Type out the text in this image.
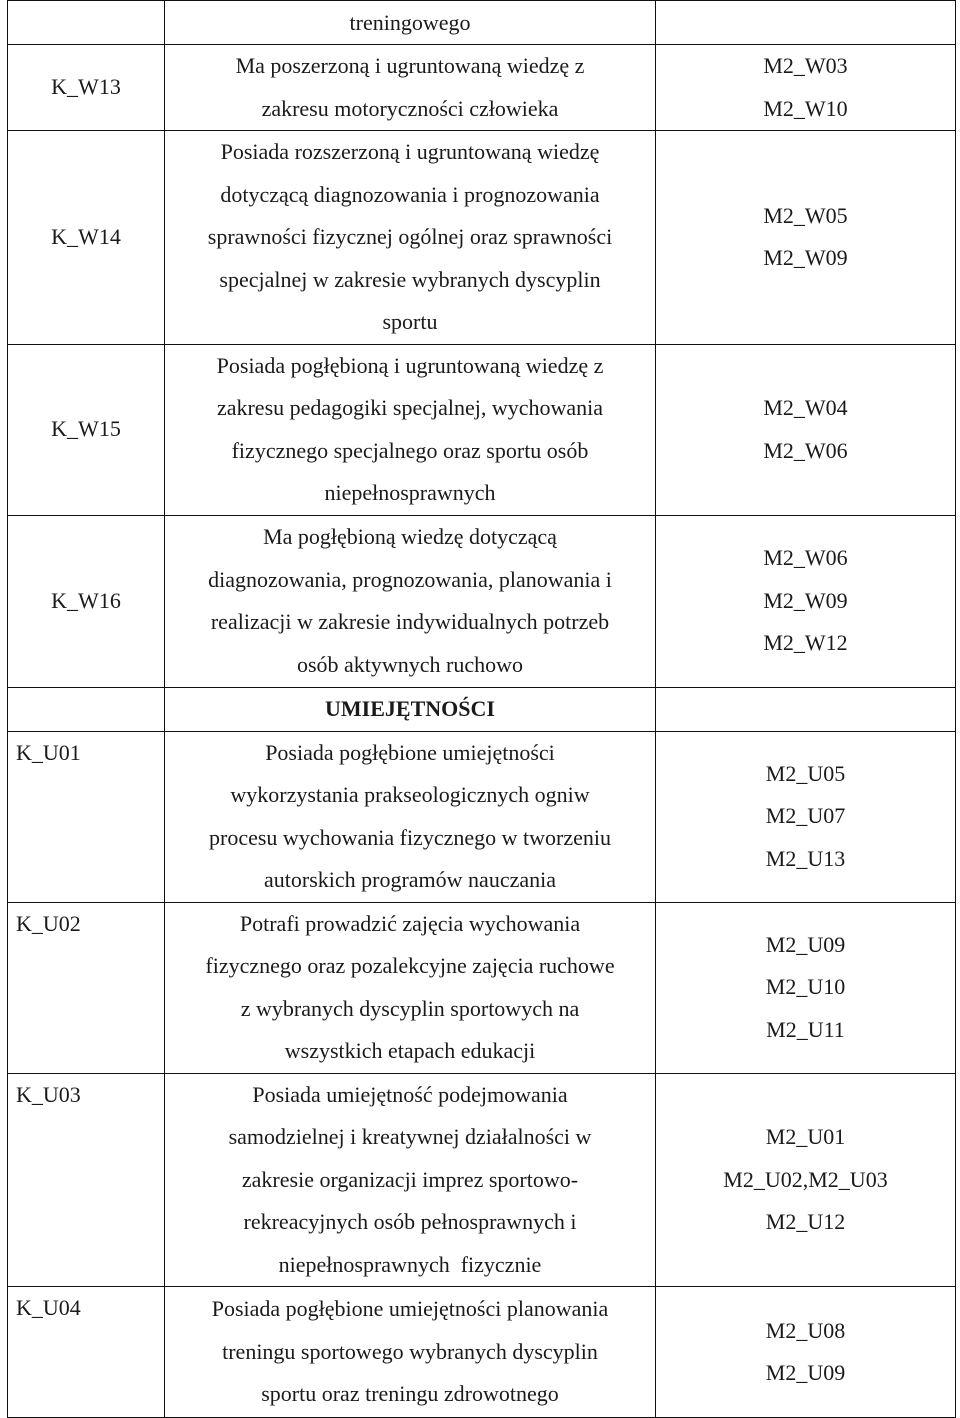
	treningowego	

K_W13	Ma poszerzoną i ugruntowaną wiedzę z
zakresu motoryczności człowieka	M2_W03
M2_W10

K_W14	Posiada rozszerzoną i ugruntowaną wiedzę
dotyczącą diagnozowania i prognozowania
sprawności fizycznej ogólnej oraz sprawności
specjalnej w zakresie wybranych dyscyplin
sportu	M2_W05
M2_W09

K_W15	Posiada pogłębioną i ugruntowaną wiedzę z
zakresu pedagogiki specjalnej, wychowania
fizycznego specjalnego oraz sportu osób
niepełnosprawnych	M2_W04
M2_W06

K_W16	Ma pogłębioną wiedzę dotyczącą
diagnozowania, prognozowania, planowania i
realizacji w zakresie indywidualnych potrzeb
osób aktywnych ruchowo	M2_W06
M2_W09
M2_W12

	UMIEJĘTNOŚCI	
K_U01	Posiada pogłębione umiejętności
wykorzystania prakseologicznych ogniw
procesu wychowania fizycznego w tworzeniu
autorskich programów nauczania	M2_U05
M2_U07
M2_U13

K_U02	Potrafi prowadzić zajęcia wychowania
fizycznego oraz pozalekcyjne zajęcia ruchowe
z wybranych dyscyplin sportowych na
wszystkich etapach edukacji	M2_U09
M2_U10
M2_U11

K_U03	Posiada umiejętność podejmowania
samodzielnej i kreatywnej działalności w
zakresie organizacji imprez sportowo-
rekreacyjnych osób pełnosprawnych i
niepełnosprawnych  fizycznie	M2_U01
M2_U02,M2_U03
M2_U12

K_U04	Posiada pogłębione umiejętności planowania
treningu sportowego wybranych dyscyplin
sportu oraz treningu zdrowotnego	M2_U08
M2_U09
